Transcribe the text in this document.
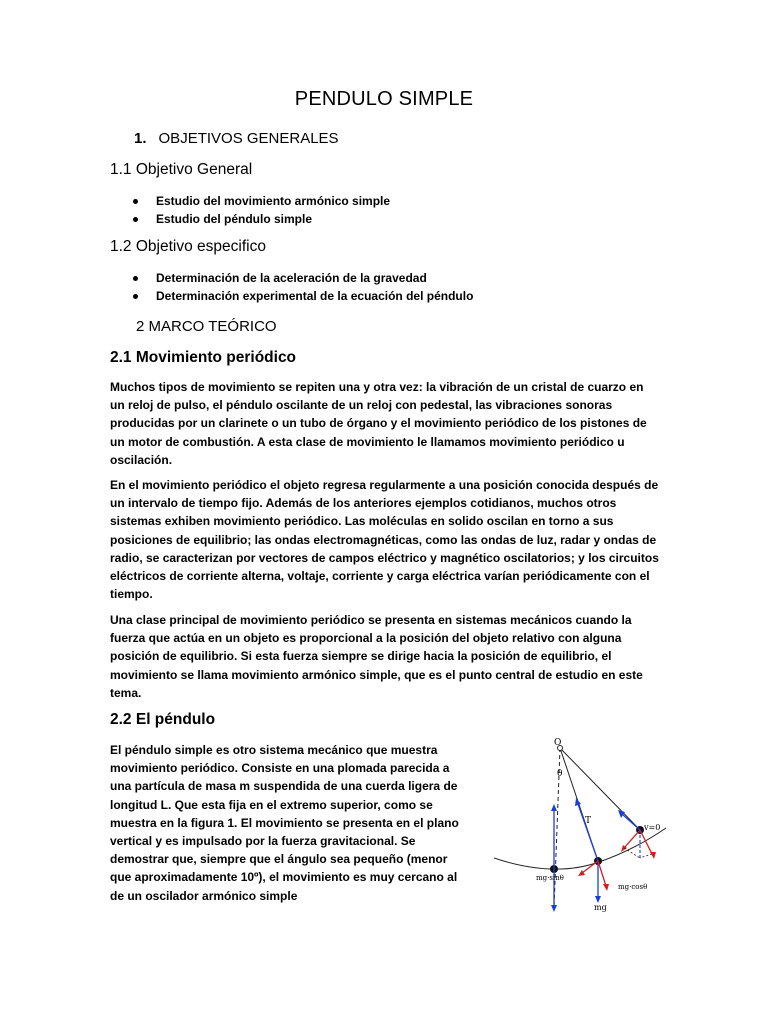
PENDULO SIMPLE
1. OBJETIVOS GENERALES
1.1 Objetivo General
Estudio del movimiento armónico simple
Estudio del péndulo simple
1.2 Objetivo especifico
Determinación de la aceleración de la gravedad
Determinación experimental de la ecuación del péndulo
2 MARCO TEÓRICO
2.1 Movimiento periódico

Muchos tipos de movimiento se repiten una y otra vez: la vibración de un cristal de cuarzo en un reloj de pulso, el péndulo oscilante de un reloj con pedestal, las vibraciones sonoras producidas por un clarinete o un tubo de órgano y el movimiento periódico de los pistones de un motor de combustión. A esta clase de movimiento le llamamos movimiento periódico u oscilación.

En el movimiento periódico el objeto regresa regularmente a una posición conocida después de un intervalo de tiempo fijo. Además de los anteriores ejemplos cotidianos, muchos otros sistemas exhiben movimiento periódico. Las moléculas en solido oscilan en torno a sus posiciones de equilibrio; las ondas electromagnéticas, como las ondas de luz, radar y ondas de radio, se caracterizan por vectores de campos eléctrico y magnético oscilatorios; y los circuitos eléctricos de corriente alterna, voltaje, corriente y carga eléctrica varían periódicamente con el tiempo.

Una clase principal de movimiento periódico se presenta en sistemas mecánicos cuando la fuerza que actúa en un objeto es proporcional a la posición del objeto relativo con alguna posición de equilibrio. Si esta fuerza siempre se dirige hacia la posición de equilibrio, el movimiento se llama movimiento armónico simple, que es el punto central de estudio en este tema.

2.2 El péndulo

El péndulo simple es otro sistema mecánico que muestra movimiento periódico. Consiste en una plomada parecida a una partícula de masa m suspendida de una cuerda ligera de longitud L. Que esta fija en el extremo superior, como se muestra en la figura 1. El movimiento se presenta en el plano vertical y es impulsado por la fuerza gravitacional. Se demostrar que, siempre que el ángulo sea pequeño (menor que aproximadamente 10º), el movimiento es muy cercano al de un oscilador armónico simple

O
θ
T
mg
v=0
mg·sinθ
mg·cosθ
